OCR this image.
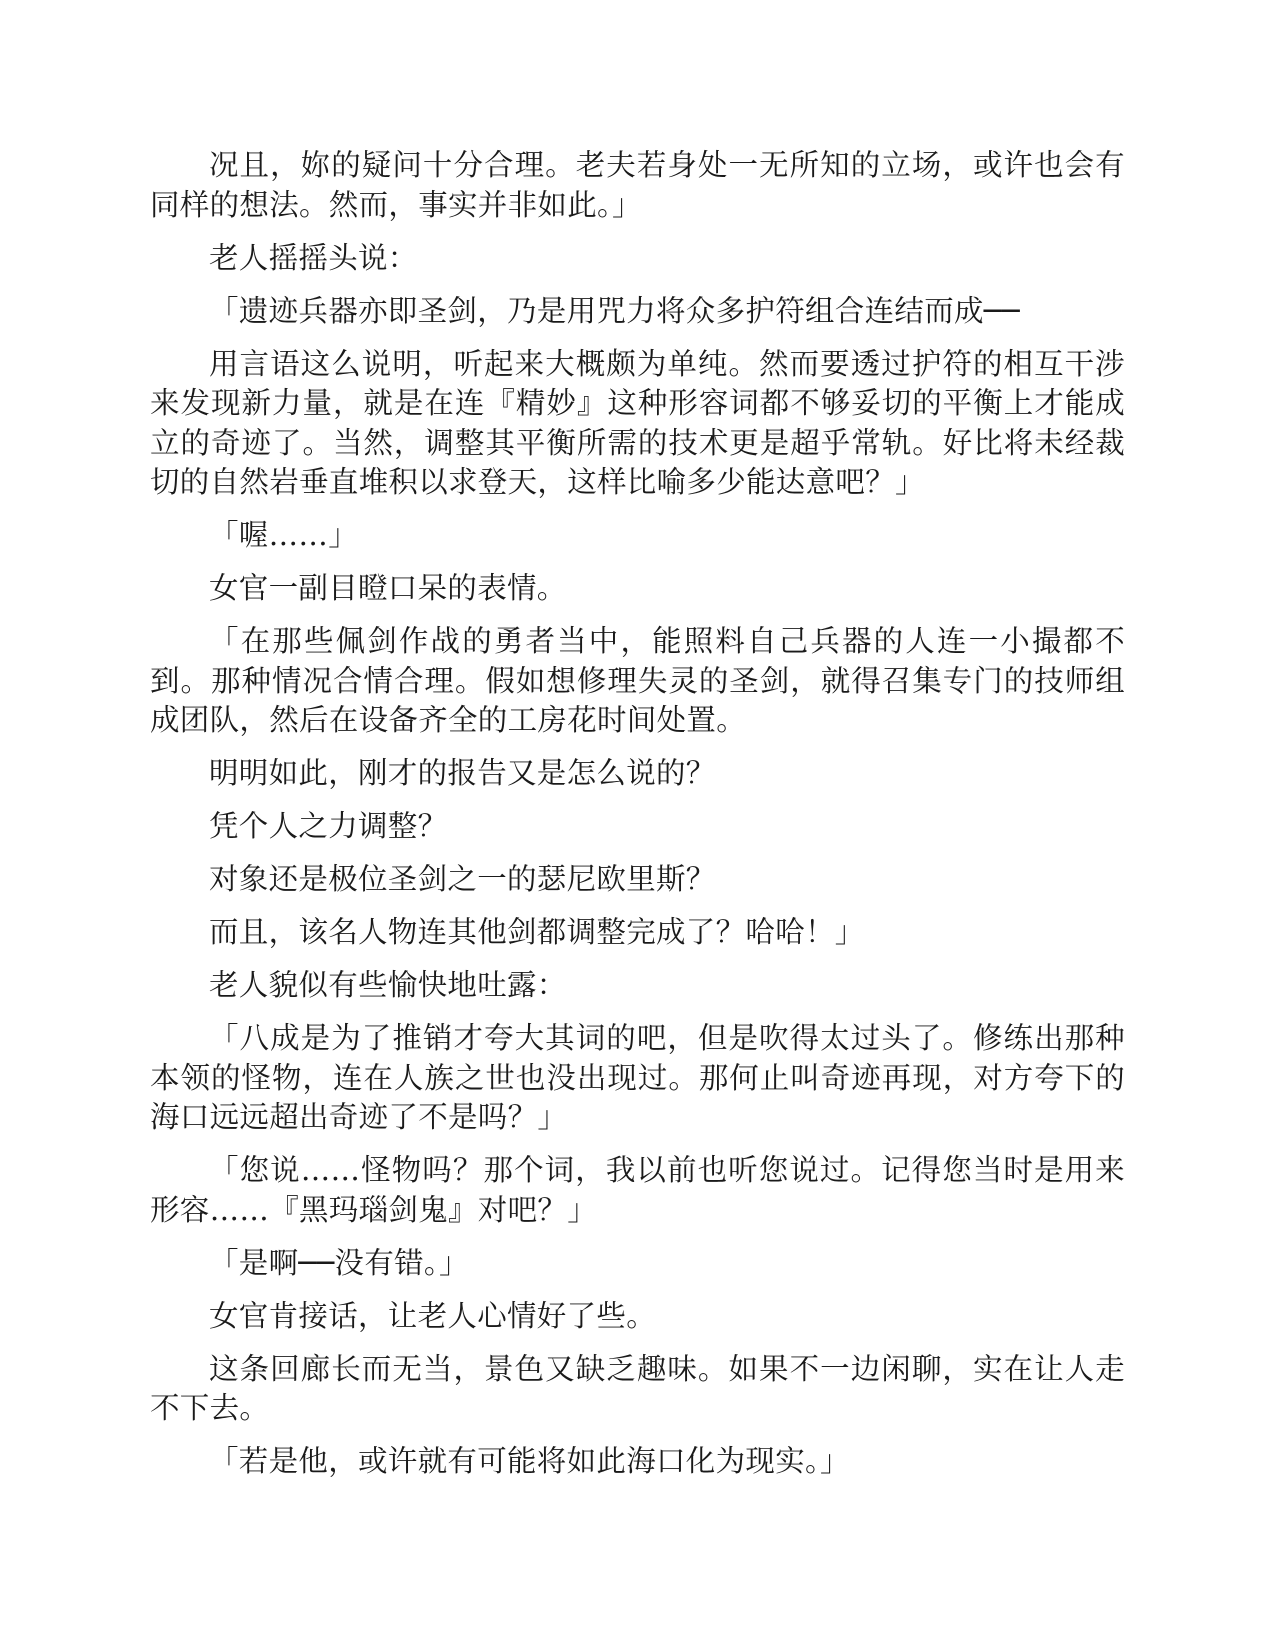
况且，妳的疑问十分合理。老夫若身处一无所知的立场，或许也会有同样的想法。然而，事实并非如此。」

老人摇摇头说：

「遗迹兵器亦即圣剑，乃是用咒力将众多护符组合连结而成──

用言语这么说明，听起来大概颇为单纯。然而要透过护符的相互干涉来发现新力量，就是在连『精妙』这种形容词都不够妥切的平衡上才能成立的奇迹了。当然，调整其平衡所需的技术更是超乎常轨。好比将未经裁切的自然岩垂直堆积以求登天，这样比喻多少能达意吧？」

「喔……」

女官一副目瞪口呆的表情。

「在那些佩剑作战的勇者当中，能照料自己兵器的人连一小撮都不到。那种情况合情合理。假如想修理失灵的圣剑，就得召集专门的技师组成团队，然后在设备齐全的工房花时间处置。

明明如此，刚才的报告又是怎么说的？

凭个人之力调整？

对象还是极位圣剑之一的瑟尼欧里斯？

而且，该名人物连其他剑都调整完成了？哈哈！」

老人貌似有些愉快地吐露：

「八成是为了推销才夸大其词的吧，但是吹得太过头了。修练出那种本领的怪物，连在人族之世也没出现过。那何止叫奇迹再现，对方夸下的海口远远超出奇迹了不是吗？」

「您说……怪物吗？那个词，我以前也听您说过。记得您当时是用来形容……『黑玛瑙剑鬼』对吧？」

「是啊──没有错。」

女官肯接话，让老人心情好了些。

这条回廊长而无当，景色又缺乏趣味。如果不一边闲聊，实在让人走不下去。

「若是他，或许就有可能将如此海口化为现实。」
